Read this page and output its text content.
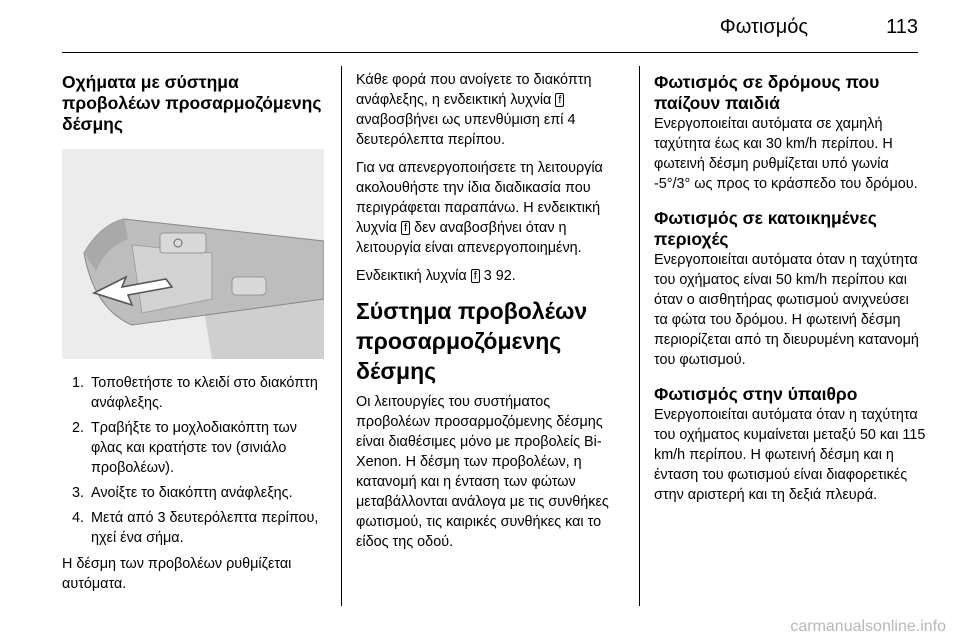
Φωτισμός	113
Οχήματα με σύστημα προβολέων προσαρμοζόμενης δέσμης
1. Τοποθετήστε το κλειδί στο διακόπτη ανάφλεξης.
2. Τραβήξτε το μοχλοδιακόπτη των φλας και κρατήστε τον (σινιάλο προβολέων).
3. Ανοίξτε το διακόπτη ανάφλεξης.
4. Μετά από 3 δευτερόλεπτα περίπου, ηχεί ένα σήμα.

Η δέσμη των προβολέων ρυθμίζεται αυτόματα.

Κάθε φορά που ανοίγετε το διακόπτη ανάφλεξης, η ενδεικτική λυχνία f αναβοσβήνει ως υπενθύμιση επί 4 δευτερόλεπτα περίπου.

Για να απενεργοποιήσετε τη λειτουργία ακολουθήστε την ίδια διαδικασία που περιγράφεται παραπάνω. Η ενδεικτική λυχνία f δεν αναβοσβήνει όταν η λειτουργία είναι απενεργοποιημένη.

Ενδεικτική λυχνία f 3 92.

Σύστημα προβολέων προσαρμοζόμενης δέσμης

Οι λειτουργίες του συστήματος προβολέων προσαρμοζόμενης δέσμης είναι διαθέσιμες μόνο με προβολείς Bi-Xenon. Η δέσμη των προβολέων, η κατανομή και η ένταση των φώτων μεταβάλλονται ανάλογα με τις συνθήκες φωτισμού, τις καιρικές συνθήκες και το είδος της οδού.

Φωτισμός σε δρόμους που παίζουν παιδιά
Ενεργοποιείται αυτόματα σε χαμηλή ταχύτητα έως και 30 km/h περίπου. Η φωτεινή δέσμη ρυθμίζεται υπό γωνία -5°/3° ως προς το κράσπεδο του δρόμου.
Φωτισμός σε κατοικημένες περιοχές
Ενεργοποιείται αυτόματα όταν η ταχύτητα του οχήματος είναι 50 km/h περίπου και όταν ο αισθητήρας φωτισμού ανιχνεύσει τα φώτα του δρόμου. Η φωτεινή δέσμη περιορίζεται από τη διευρυμένη κατανομή του φωτισμού.
Φωτισμός στην ύπαιθρο
Ενεργοποιείται αυτόματα όταν η ταχύτητα του οχήματος κυμαίνεται μεταξύ 50 και 115 km/h περίπου. Η φωτεινή δέσμη και η ένταση του φωτισμού είναι διαφορετικές στην αριστερή και τη δεξιά πλευρά.
carmanualsonline.info
